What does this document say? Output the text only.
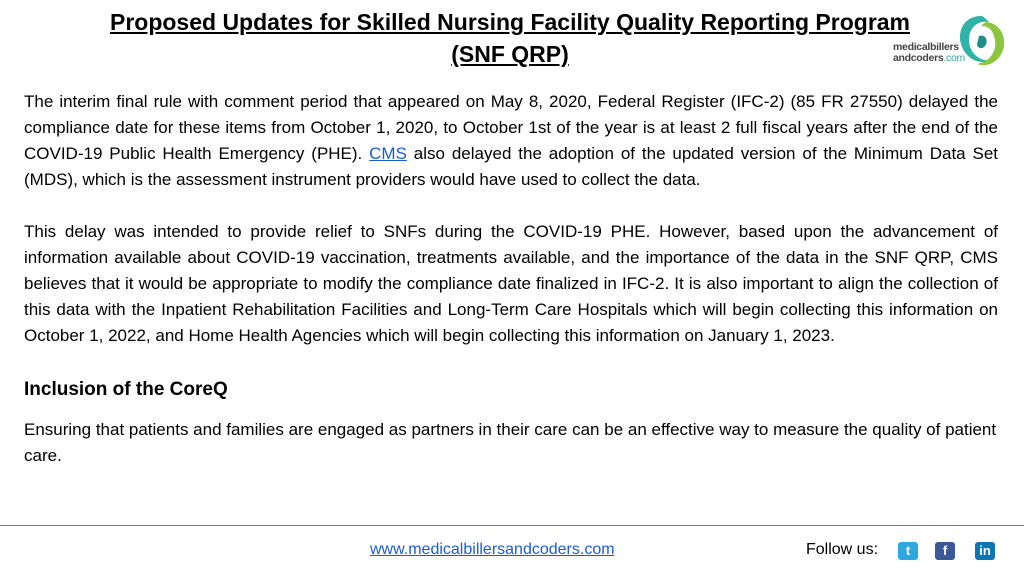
Proposed Updates for Skilled Nursing Facility Quality Reporting Program (SNF QRP)	medicalbillers
andcoders.com

The interim final rule with comment period that appeared on May 8, 2020, Federal Register (IFC-2) (85 FR 27550) delayed the compliance date for these items from October 1, 2020, to October 1st of the year is at least 2 full fiscal years after the end of the COVID-19 Public Health Emergency (PHE). CMS also delayed the adoption of the updated version of the Minimum Data Set (MDS), which is the assessment instrument providers would have used to collect the data.

This delay was intended to provide relief to SNFs during the COVID-19 PHE. However, based upon the advancement of information available about COVID-19 vaccination, treatments available, and the importance of the data in the SNF QRP, CMS believes that it would be appropriate to modify the compliance date finalized in IFC-2. It is also important to align the collection of this data with the Inpatient Rehabilitation Facilities and Long-Term Care Hospitals which will begin collecting this information on October 1, 2022, and Home Health Agencies which will begin collecting this information on January 1, 2023.

Inclusion of the CoreQ

Ensuring that patients and families are engaged as partners in their care can be an effective way to measure the quality of patient care.

www.medicalbillersandcoders.com	Follow us:	t	f	in
